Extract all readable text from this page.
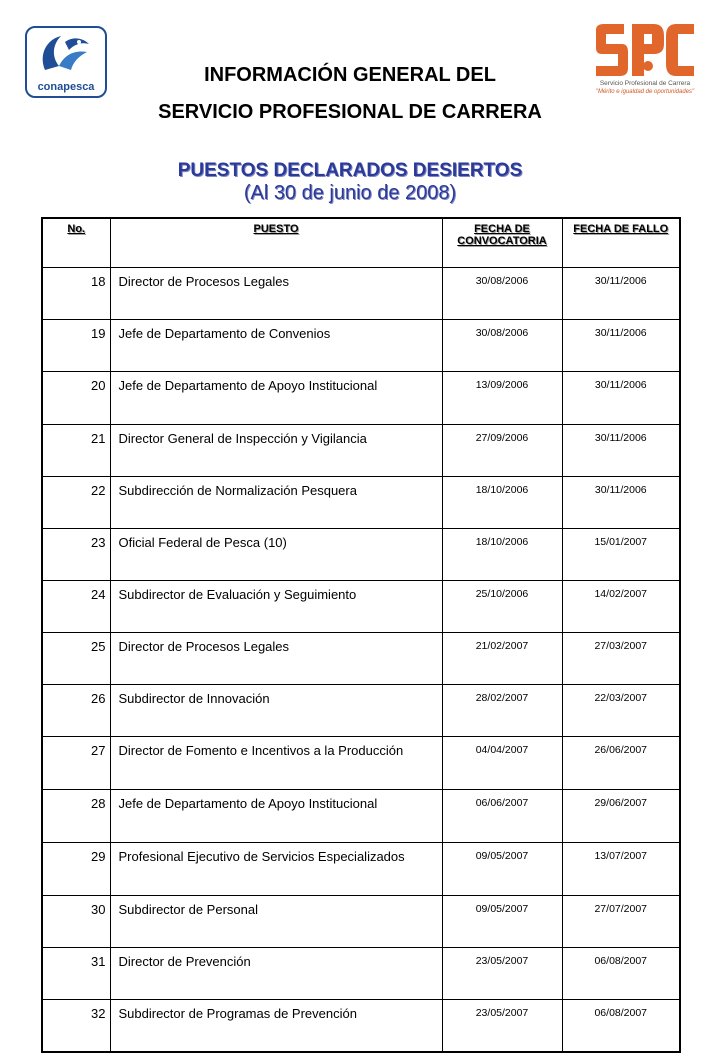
conapesca	Servicio Profesional de Carrera
"Mérito e igualdad de oportunidades"
INFORMACIÓN GENERAL DEL
SERVICIO PROFESIONAL DE CARRERA
PUESTOS DECLARADOS DESIERTOS
(Al 30 de junio de 2008)
No.	PUESTO	FECHA DE CONVOCATORIA	FECHA DE FALLO
18	Director de Procesos Legales	30/08/2006	30/11/2006
19	Jefe de Departamento de Convenios	30/08/2006	30/11/2006
20	Jefe de Departamento de Apoyo Institucional	13/09/2006	30/11/2006
21	Director General de Inspección y Vigilancia	27/09/2006	30/11/2006
22	Subdirección de Normalización Pesquera	18/10/2006	30/11/2006
23	Oficial Federal de Pesca (10)	18/10/2006	15/01/2007
24	Subdirector de Evaluación y Seguimiento	25/10/2006	14/02/2007
25	Director de Procesos Legales	21/02/2007	27/03/2007
26	Subdirector de Innovación	28/02/2007	22/03/2007
27	Director de Fomento e Incentivos a la Producción	04/04/2007	26/06/2007
28	Jefe de Departamento de Apoyo Institucional	06/06/2007	29/06/2007
29	Profesional Ejecutivo de Servicios Especializados	09/05/2007	13/07/2007
30	Subdirector de Personal	09/05/2007	27/07/2007
31	Director de Prevención	23/05/2007	06/08/2007
32	Subdirector de Programas de Prevención	23/05/2007	06/08/2007
